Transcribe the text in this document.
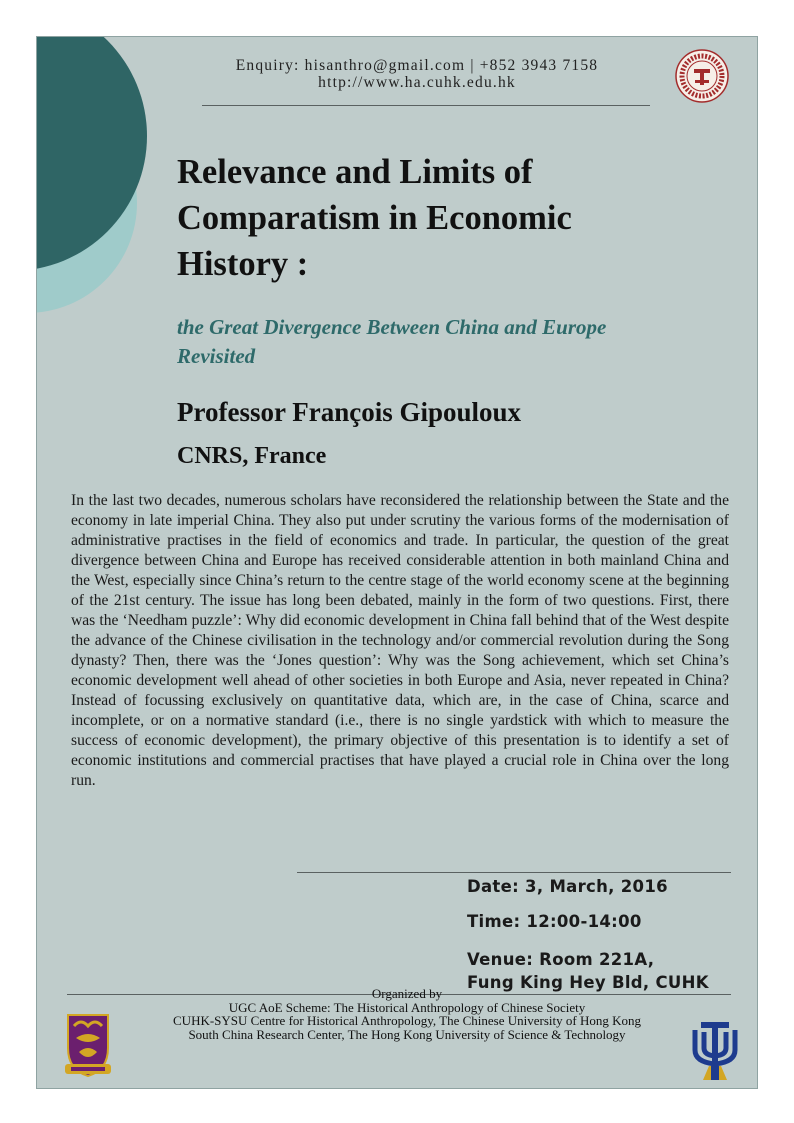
Enquiry: hisanthro@gmail.com | +852 3943 7158
http://www.ha.cuhk.edu.hk
Relevance and Limits of
Comparatism in Economic
History :
the Great Divergence Between China and Europe
Revisited
Professor François Gipouloux
CNRS, France

In the last two decades, numerous scholars have reconsidered the relationship between the State and the economy in late imperial China. They also put under scrutiny the various forms of the modernisation of administrative practises in the field of economics and trade. In particular, the question of the great divergence between China and Europe has received considerable attention in both mainland China and the West, especially since China’s return to the centre stage of the world economy scene at the beginning of the 21st century. The issue has long been debated, mainly in the form of two questions. First, there was the ‘Needham puzzle’: Why did economic development in China fall behind that of the West despite the advance of the Chinese civilisation in the technology and/or commercial revolution during the Song dynasty? Then, there was the ‘Jones question’: Why was the Song achievement, which set China’s economic development well ahead of other societies in both Europe and Asia, never repeated in China? Instead of focussing exclusively on quantitative data, which are, in the case of China, scarce and incomplete, or on a normative standard (i.e., there is no single yardstick with which to measure the success of economic development), the primary objective of this presentation is to identify a set of economic institutions and commercial practises that have played a crucial role in China over the long run.

Date: 3, March, 2016
Time: 12:00-14:00
Venue: Room 221A,
Fung King Hey Bld, CUHK
Organized by
UGC AoE Scheme: The Historical Anthropology of Chinese Society
CUHK-SYSU Centre for Historical Anthropology, The Chinese University of Hong Kong
South China Research Center, The Hong Kong University of Science & Technology
